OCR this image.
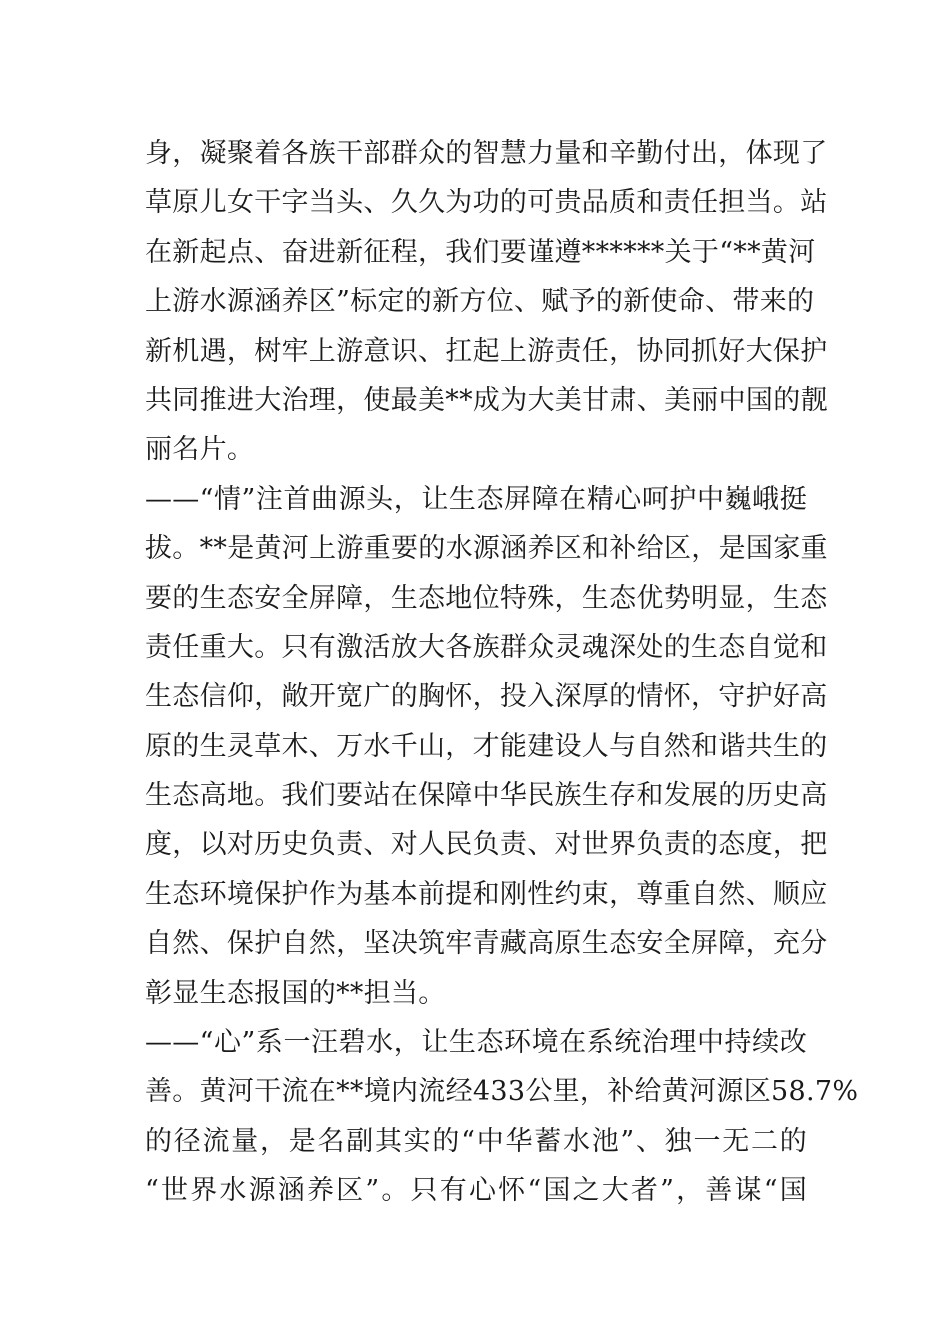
身，凝聚着各族干部群众的智慧力量和辛勤付出，体现了
草原儿女干字当头、久久为功的可贵品质和责任担当。站
在新起点、奋进新征程，我们要谨遵******关于“**黄河
上游水源涵养区”标定的新方位、赋予的新使命、带来的
新机遇，树牢上游意识、扛起上游责任，协同抓好大保护
共同推进大治理，使最美**成为大美甘肃、美丽中国的靓
丽名片。
——“情”注首曲源头，让生态屏障在精心呵护中巍峨挺
拔。**是黄河上游重要的水源涵养区和补给区，是国家重
要的生态安全屏障，生态地位特殊，生态优势明显，生态
责任重大。只有激活放大各族群众灵魂深处的生态自觉和
生态信仰，敞开宽广的胸怀，投入深厚的情怀，守护好高
原的生灵草木、万水千山，才能建设人与自然和谐共生的
生态高地。我们要站在保障中华民族生存和发展的历史高
度，以对历史负责、对人民负责、对世界负责的态度，把
生态环境保护作为基本前提和刚性约束，尊重自然、顺应
自然、保护自然，坚决筑牢青藏高原生态安全屏障，充分
彰显生态报国的**担当。
——“心”系一汪碧水，让生态环境在系统治理中持续改
善。黄河干流在**境内流经433公里，补给黄河源区58.7%
的径流量，是名副其实的“中华蓄水池”、独一无二的
“世界水源涵养区”。只有心怀“国之大者”，善谋“国
